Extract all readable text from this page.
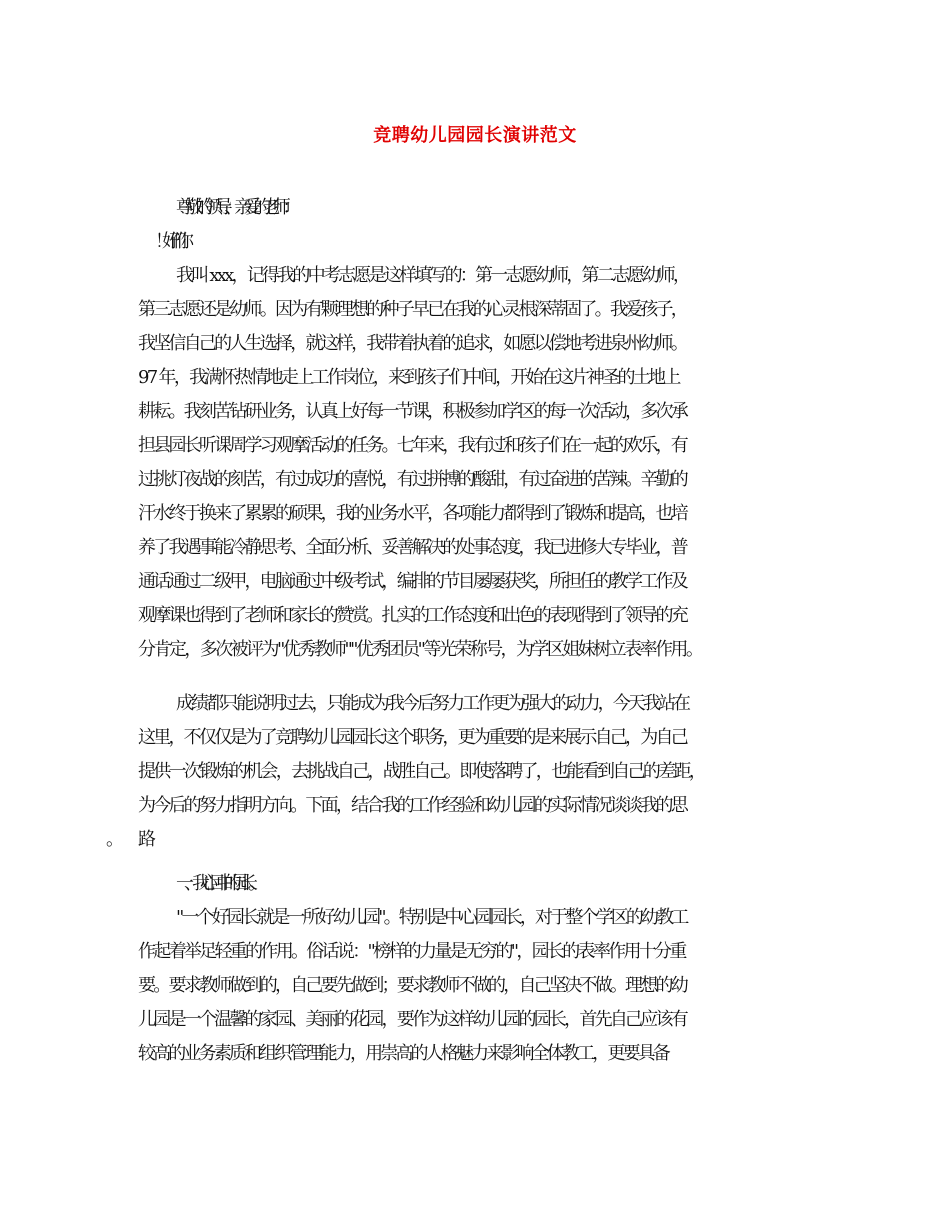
竞聘幼儿园园长演讲范文
尊敬的领导、亲爱的老师：
我叫 xxx，记得我的中考志愿是这样填写的：第一志愿幼师，第二志愿幼师，
第三志愿还是幼师。因为有颗理想的种子早已在我的心灵根深蒂固了。我爱孩子，
我坚信自己的人生选择，就这样，我带着执着的追求，如愿以偿地考进泉州幼师。
97 年，我满怀热情地走上工作岗位，来到孩子们中间，开始在这片神圣的土地上
耕耘。我刻苦钻研业务，认真上好每一节课，积极参加学区的每一次活动，多次承
担县园长听课周学习观摩活动的任务。七年来，我有过和孩子们在一起的欢乐，有
过挑灯夜战的刻苦，有过成功的喜悦，有过拼搏的酸甜，有过奋进的苦辣。辛勤的
汗水终于换来了累累的硕果，我的业务水平，各项能力都得到了锻炼和提高，也培
养了我遇事能冷静思考、全面分析、妥善解决的处事态度，我已进修大专毕业，普
通话通过二级甲，电脑通过中级考试，编排的节目屡屡获奖，所担任的教学工作及
观摩课也得到了老师和家长的赞赏。扎实的工作态度和出色的表现得到了领导的充
分肯定，多次被评为"优秀教师""优秀团员"等光荣称号，为学区姐妹树立表率作用。
成绩都只能说明过去，只能成为我今后努力工作更为强大的动力，今天我站在
这里，不仅仅是为了竞聘幼儿园园长这个职务，更为重要的是来展示自己，为自己
提供一次锻炼的机会，去挑战自己，战胜自己。即使落聘了，也能看到自己的差距，
为今后的努力指明方向。下面，结合我的工作经验和幼儿园的实际情况谈谈我的思
一、我心目中的园长。
"一个好园长就是一所好幼儿园"。特别是中心园园长，对于整个学区的幼教工
作起着举足轻重的作用。俗话说："榜样的力量是无穷的"，园长的表率作用十分重
要。要求教师做到的，自己要先做到；要求教师不做的，自己坚决不做。理想的幼
儿园是一个温馨的家园、美丽的花园，要作为这样幼儿园的园长，首先自己应该有
较高的业务素质和组织管理能力，用崇高的人格魅力来影响全体教工，更要具备
